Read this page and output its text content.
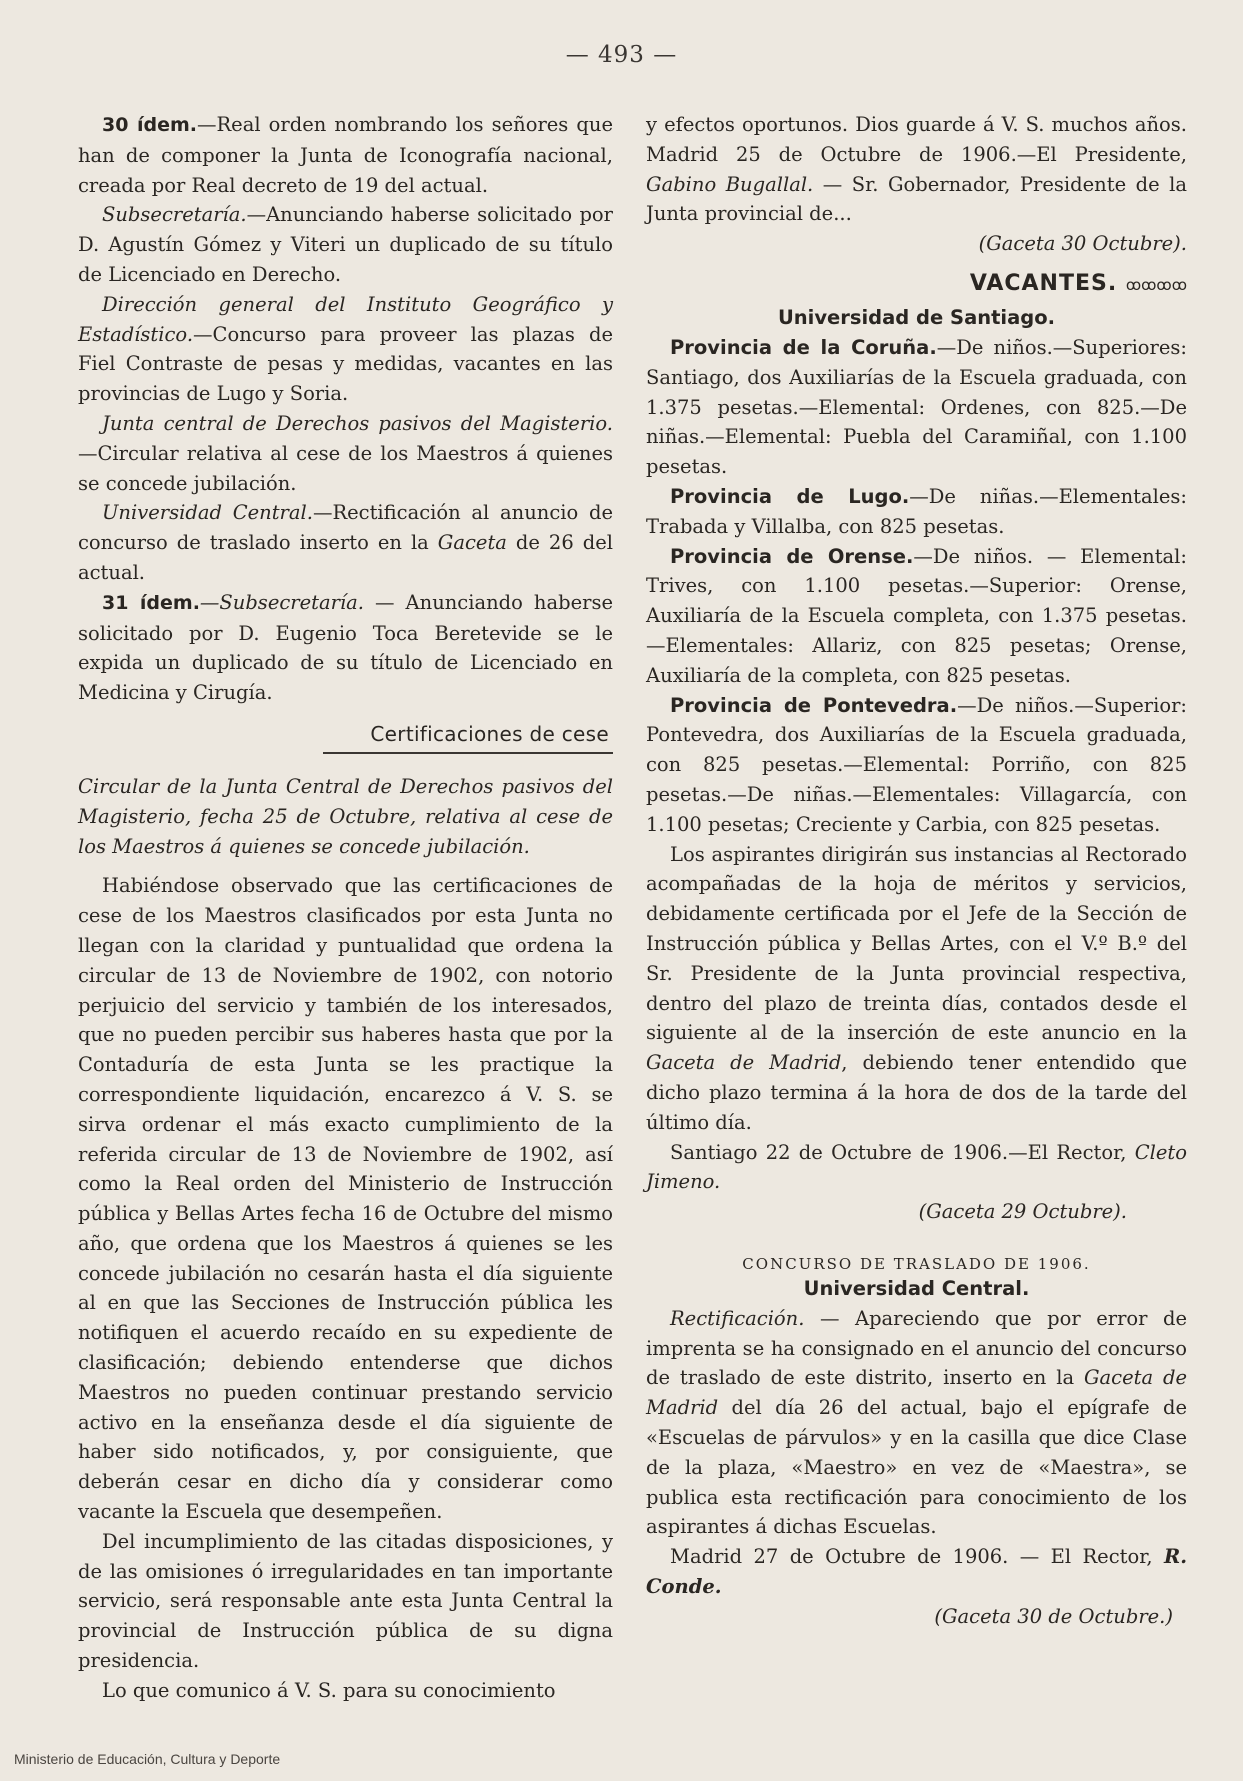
— 493 —

30 ídem.—Real orden nombrando los señores que han de componer la Junta de Iconografía nacional, creada por Real decreto de 19 del actual.

Subsecretaría.—Anunciando haberse solicitado por D. Agustín Gómez y Viteri un duplicado de su título de Licenciado en Derecho.

Dirección general del Instituto Geográfico y Estadístico.—Concurso para proveer las plazas de Fiel Contraste de pesas y medidas, vacantes en las provincias de Lugo y Soria.

Junta central de Derechos pasivos del Magisterio.—Circular relativa al cese de los Maestros á quienes se concede jubilación.

Universidad Central.—Rectificación al anuncio de concurso de traslado inserto en la Gaceta de 26 del actual.

31 ídem.—Subsecretaría. — Anunciando haberse solicitado por D. Eugenio Toca Beretevide se le expida un duplicado de su título de Licenciado en Medicina y Cirugía.

Certificaciones de cese

Circular de la Junta Central de Derechos pasivos del Magisterio, fecha 25 de Octubre, relativa al cese de los Maestros á quienes se concede jubilación.

Habiéndose observado que las certificaciones de cese de los Maestros clasificados por esta Junta no llegan con la claridad y puntualidad que ordena la circular de 13 de Noviembre de 1902, con notorio perjuicio del servicio y también de los interesados, que no pueden percibir sus haberes hasta que por la Contaduría de esta Junta se les practique la correspondiente liquidación, encarezco á V. S. se sirva ordenar el más exacto cumplimiento de la referida circular de 13 de Noviembre de 1902, así como la Real orden del Ministerio de Instrucción pública y Bellas Artes fecha 16 de Octubre del mismo año, que ordena que los Maestros á quienes se les concede jubilación no cesarán hasta el día siguiente al en que las Secciones de Instrucción pública les notifiquen el acuerdo recaído en su expediente de clasificación; debiendo entenderse que dichos Maestros no pueden continuar prestando servicio activo en la enseñanza desde el día siguiente de haber sido notificados, y, por consiguiente, que deberán cesar en dicho día y considerar como vacante la Escuela que desempeñen.

Del incumplimiento de las citadas disposiciones, y de las omisiones ó irregularidades en tan importante servicio, será responsable ante esta Junta Central la provincial de Instrucción pública de su digna presidencia.

Lo que comunico á V. S. para su conocimiento

y efectos oportunos. Dios guarde á V. S. muchos años. Madrid 25 de Octubre de 1906.—El Presidente, Gabino Bugallal. — Sr. Gobernador, Presidente de la Junta provincial de...

(Gaceta 30 Octubre).

VACANTES. ꝏꝏꝏꝏ
Universidad de Santiago.

Provincia de la Coruña.—De niños.—Superiores: Santiago, dos Auxiliarías de la Escuela graduada, con 1.375 pesetas.—Elemental: Ordenes, con 825.—De niñas.—Elemental: Puebla del Caramiñal, con 1.100 pesetas.

Provincia de Lugo.—De niñas.—Elementales: Trabada y Villalba, con 825 pesetas.

Provincia de Orense.—De niños. — Elemental: Trives, con 1.100 pesetas.—Superior: Orense, Auxiliaría de la Escuela completa, con 1.375 pesetas.—Elementales: Allariz, con 825 pesetas; Orense, Auxiliaría de la completa, con 825 pesetas.

Provincia de Pontevedra.—De niños.—Superior: Pontevedra, dos Auxiliarías de la Escuela graduada, con 825 pesetas.—Elemental: Porriño, con 825 pesetas.—De niñas.—Elementales: Villagarcía, con 1.100 pesetas; Creciente y Carbia, con 825 pesetas.

Los aspirantes dirigirán sus instancias al Rectorado acompañadas de la hoja de méritos y servicios, debidamente certificada por el Jefe de la Sección de Instrucción pública y Bellas Artes, con el V.º B.º del Sr. Presidente de la Junta provincial respectiva, dentro del plazo de treinta días, contados desde el siguiente al de la inserción de este anuncio en la Gaceta de Madrid, debiendo tener entendido que dicho plazo termina á la hora de dos de la tarde del último día.

Santiago 22 de Octubre de 1906.—El Rector, Cleto Jimeno.

(Gaceta 29 Octubre).

CONCURSO DE TRASLADO DE 1906.
Universidad Central.

Rectificación. — Apareciendo que por error de imprenta se ha consignado en el anuncio del concurso de traslado de este distrito, inserto en la Gaceta de Madrid del día 26 del actual, bajo el epígrafe de «Escuelas de párvulos» y en la casilla que dice Clase de la plaza, «Maestro» en vez de «Maestra», se publica esta rectificación para conocimiento de los aspirantes á dichas Escuelas.

Madrid 27 de Octubre de 1906. — El Rector, R. Conde.

(Gaceta 30 de Octubre.)

Ministerio de Educación, Cultura y Deporte
